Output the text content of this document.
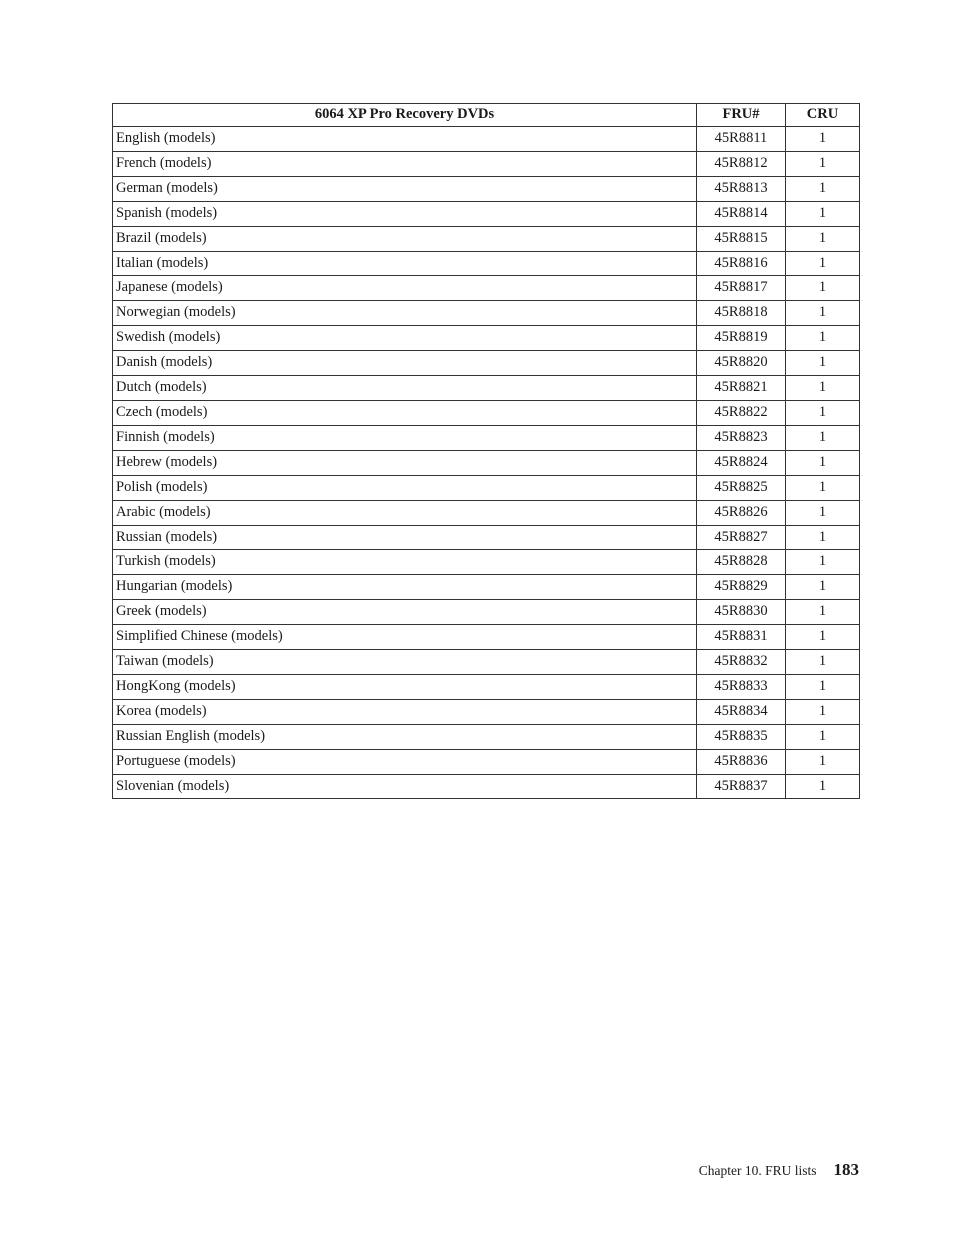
6064 XP Pro Recovery DVDs	FRU#	CRU
English (models)	45R8811	1
French (models)	45R8812	1
German (models)	45R8813	1
Spanish (models)	45R8814	1
Brazil (models)	45R8815	1
Italian (models)	45R8816	1
Japanese (models)	45R8817	1
Norwegian (models)	45R8818	1
Swedish (models)	45R8819	1
Danish (models)	45R8820	1
Dutch (models)	45R8821	1
Czech (models)	45R8822	1
Finnish (models)	45R8823	1
Hebrew (models)	45R8824	1
Polish (models)	45R8825	1
Arabic (models)	45R8826	1
Russian (models)	45R8827	1
Turkish (models)	45R8828	1
Hungarian (models)	45R8829	1
Greek (models)	45R8830	1
Simplified Chinese (models)	45R8831	1
Taiwan (models)	45R8832	1
HongKong (models)	45R8833	1
Korea (models)	45R8834	1
Russian English (models)	45R8835	1
Portuguese (models)	45R8836	1
Slovenian (models)	45R8837	1
Chapter 10. FRU lists 183
